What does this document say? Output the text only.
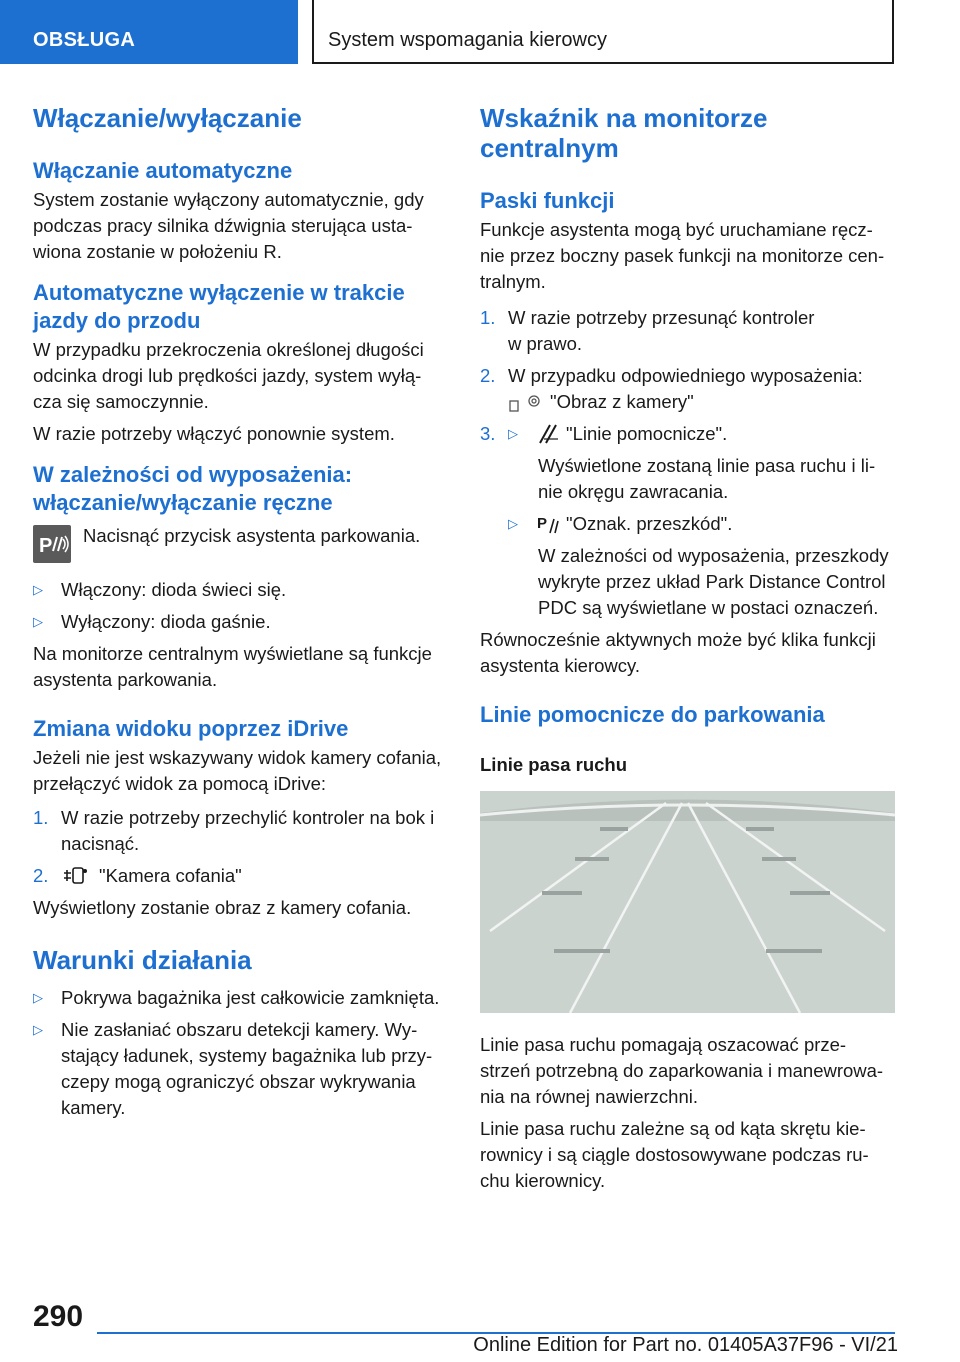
OBSŁUGA	System wspomagania kierowcy
Włączanie/wyłączanie
Włączanie automatyczne
System zostanie wyłączony automatycznie, gdy
podczas pracy silnika dźwignia sterująca usta-
wiona zostanie w położeniu R.
Automatyczne wyłączenie w trakcie
jazdy do przodu
W przypadku przekroczenia określonej długości
odcinka drogi lub prędkości jazdy, system wyłą-
cza się samoczynnie.
W razie potrzeby włączyć ponownie system.
W zależności od wyposażenia:
włączanie/wyłączanie ręczne
P Nacisnąć przycisk asystenta parkowania.
▷ Włączony: dioda świeci się.
▷ Wyłączony: dioda gaśnie.
Na monitorze centralnym wyświetlane są funkcje
asystenta parkowania.
Zmiana widoku poprzez iDrive
Jeżeli nie jest wskazywany widok kamery cofania,
przełączyć widok za pomocą iDrive:
1. W razie potrzeby przechylić kontroler na bok i
nacisnąć.
2.	"Kamera cofania"
Wyświetlony zostanie obraz z kamery cofania.
Warunki działania
▷ Pokrywa bagażnika jest całkowicie zamknięta.
▷ Nie zasłaniać obszaru detekcji kamery. Wy-
stający ładunek, systemy bagażnika lub przy-
czepy mogą ograniczyć obszar wykrywania
kamery.
Wskaźnik na monitorze
centralnym
Paski funkcji
Funkcje asystenta mogą być uruchamiane ręcz-
nie przez boczny pasek funkcji na monitorze cen-
tralnym.
1. W razie potrzeby przesunąć kontroler
w prawo.
2. W przypadku odpowiedniego wyposażenia:
"Obraz z kamery"
3. ▷	"Linie pomocnicze".
Wyświetlone zostaną linie pasa ruchu i li-
nie okręgu zawracania.
▷	P "Oznak. przeszkód".
W zależności od wyposażenia, przeszkody
wykryte przez układ Park Distance Control
PDC są wyświetlane w postaci oznaczeń.
Równocześnie aktywnych może być klika funkcji
asystenta kierowcy.
Linie pomocnicze do parkowania
Linie pasa ruchu
Linie pasa ruchu pomagają oszacować prze-
strzeń potrzebną do zaparkowania i manewrowa-
nia na równej nawierzchni.
Linie pasa ruchu zależne są od kąta skrętu kie-
rownicy i są ciągle dostosowywane podczas ru-
chu kierownicy.
290
Online Edition for Part no. 01405A37F96 - VI/21
